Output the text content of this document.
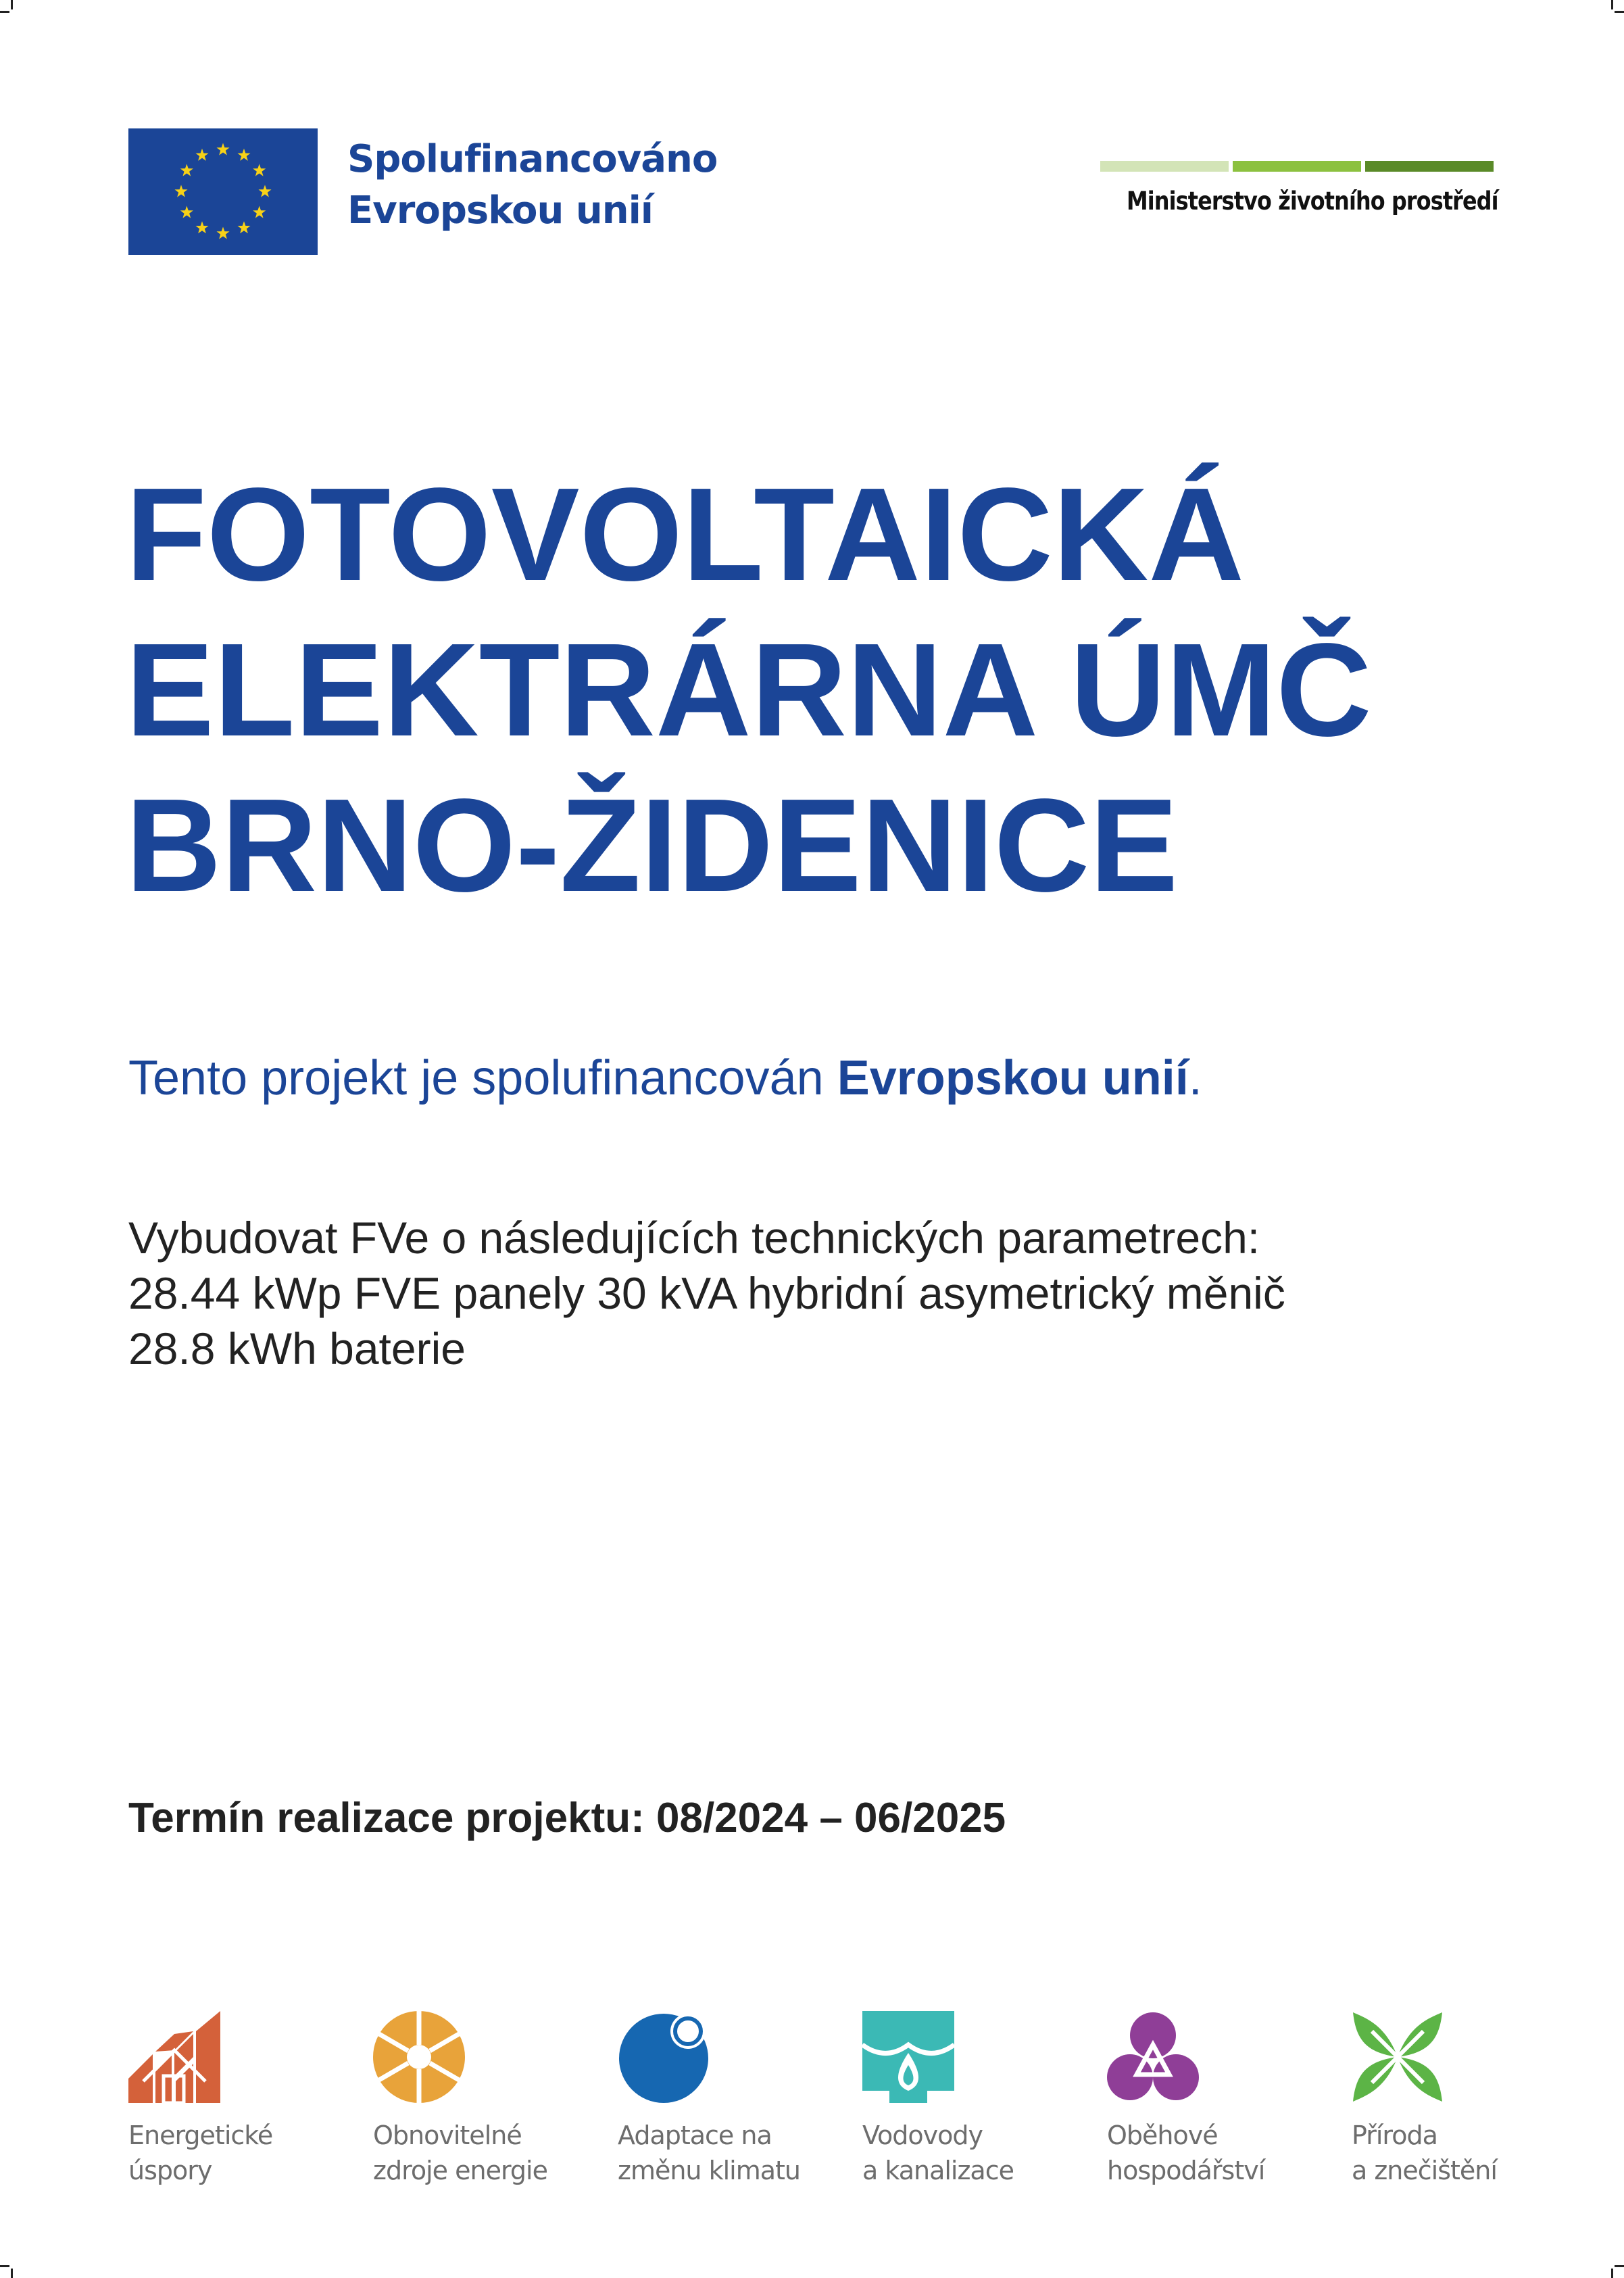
Spolufinancováno
Evropskou unií	Ministerstvo životního prostředí
FOTOVOLTAICKÁ
ELEKTRÁRNA ÚMČ
BRNO-ŽIDENICE
Tento projekt je spolufinancován Evropskou unií.
Vybudovat FVe o následujících technických parametrech:
28.44 kWp FVE panely 30 kVA hybridní asymetrický měnič
28.8 kWh baterie
Termín realizace projektu: 08/2024 – 06/2025
Energetické
úspory
Obnovitelné
zdroje energie
Adaptace na
změnu klimatu
Vodovody
a kanalizace
Oběhové
hospodářství
Příroda
a znečištění
